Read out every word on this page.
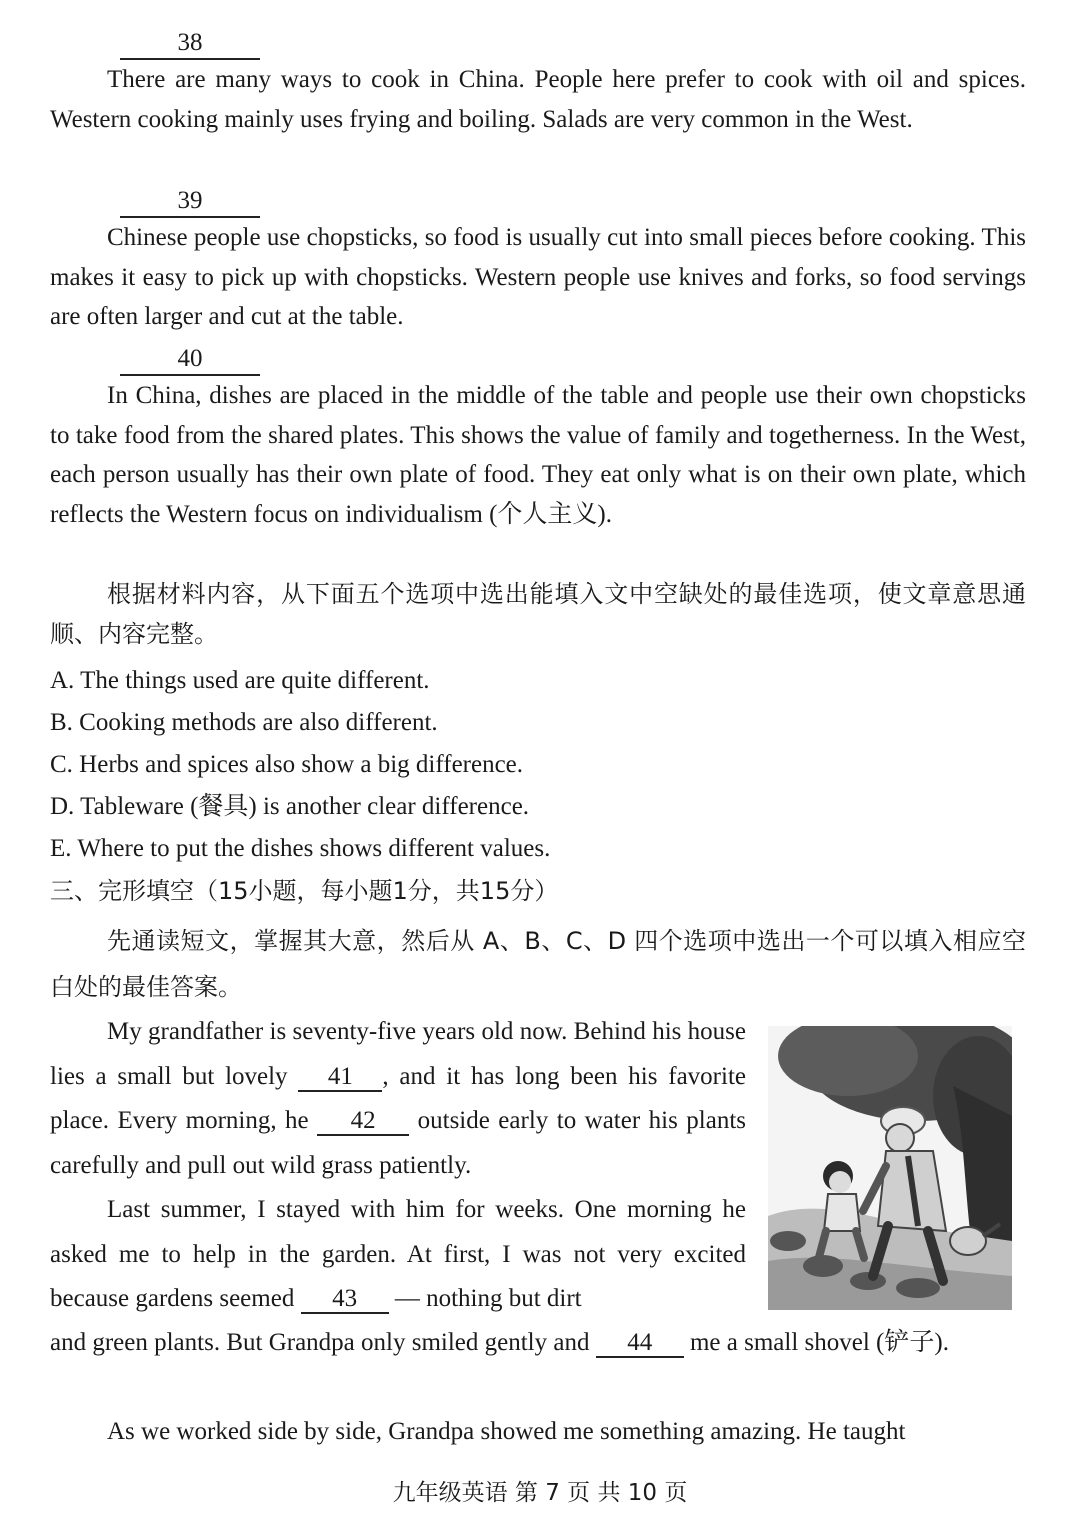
38

There are many ways to cook in China. People here prefer to cook with oil and spices. Western cooking mainly uses frying and boiling. Salads are very common in the West.

39

Chinese people use chopsticks, so food is usually cut into small pieces before cooking. This makes it easy to pick up with chopsticks. Western people use knives and forks, so food servings are often larger and cut at the table.

40

In China, dishes are placed in the middle of the table and people use their own chopsticks to take food from the shared plates. This shows the value of family and togetherness. In the West, each person usually has their own plate of food. They eat only what is on their own plate, which reflects the Western focus on individualism (个人主义).

根据材料内容，从下面五个选项中选出能填入文中空缺处的最佳选项，使文章意思通顺、内容完整。

A. The things used are quite different.
B. Cooking methods are also different.
C. Herbs and spices also show a big difference.
D. Tableware (餐具) is another clear difference.
E. Where to put the dishes shows different values.
三、完形填空（15小题，每小题1分，共15分）

先通读短文，掌握其大意，然后从 A、B、C、D 四个选项中选出一个可以填入相应空白处的最佳答案。

My grandfather is seventy-five years old now. Behind his house lies a small but lovely 41 , and it has long been his favorite place. Every morning, he 42 outside early to water his plants carefully and pull out wild grass patiently.

Last summer, I stayed with him for weeks. One morning he asked me to help in the garden. At first, I was not very excited because gardens seemed 43 — nothing but dirt

and green plants. But Grandpa only smiled gently and 44 me a small shovel (铲子).

As we worked side by side, Grandpa showed me something amazing. He taught

九年级英语 第 7 页 共 10 页
